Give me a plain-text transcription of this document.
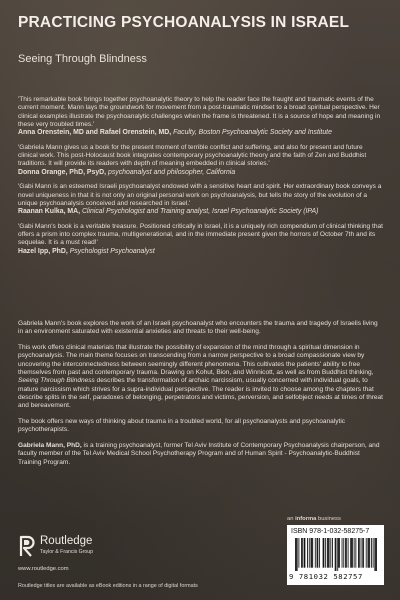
PRACTICING PSYCHOANALYSIS IN ISRAEL
Seeing Through Blindness

'This remarkable book brings together psychoanalytic theory to help the reader face the fraught and traumatic events of the current moment. Mann lays the groundwork for movement from a post-traumatic mindset to a broad spiritual perspective. Her clinical examples illustrate the psychoanalytic challenges when the frame is threatened. It is a source of hope and meaning in these very troubled times.'

Anna Orenstein, MD and Rafael Orenstein, MD, Faculty, Boston Psychoanalytic Society and Institute

'Gabriela Mann gives us a book for the present moment of terrible conflict and suffering, and also for present and future clinical work. This post-Holocaust book integrates contemporary psychoanalytic theory and the faith of Zen and Buddhist traditions. It will provide its readers with depth of meaning embedded in clinical stories.'

Donna Orange, PhD, PsyD, psychoanalyst and philosopher, California

'Gabi Mann is an esteemed Israeli psychoanalyst endowed with a sensitive heart and spirit. Her extraordinary book conveys a novel uniqueness in that it is not only an original personal work on psychoanalysis, but tells the story of the evolution of a unique psychoanalysis conceived and researched in Israel.'

Raanan Kulka, MA, Clinical Psychologist and Training analyst, Israel Psychoanalytic Society (IPA)

'Gabi Mann's book is a veritable treasure. Positioned critically in Israel, it is a uniquely rich compendium of clinical thinking that offers a prism into complex trauma, multigenerational, and in the immediate present given the horrors of October 7th and its sequelae. It is a must read!'

Hazel Ipp, PhD, Psychologist Psychoanalyst

Gabriela Mann's book explores the work of an Israeli psychoanalyst who encounters the trauma and tragedy of Israelis living in an environment saturated with existential anxieties and threats to their well-being.

This work offers clinical materials that illustrate the possibility of expansion of the mind through a spiritual dimension in psychoanalysis. The main theme focuses on transcending from a narrow perspective to a broad compassionate view by uncovering the interconnectedness between seemingly different phenomena. This cultivates the patients' ability to free themselves from past and contemporary trauma. Drawing on Kohut, Bion, and Winnicott, as well as from Buddhist thinking, Seeing Through Blindness describes the transformation of archaic narcissism, usually concerned with individual goals, to mature narcissism which strives for a supra-individual perspective. The reader is invited to choose among the chapters that describe splits in the self, paradoxes of belonging, perpetrators and victims, perversion, and selfobject needs at times of threat and bereavement.

The book offers new ways of thinking about trauma in a troubled world, for all psychoanalysts and psychoanalytic psychotherapists.

Gabriela Mann, PhD, is a training psychoanalyst, former Tel Aviv Institute of Contemporary Psychoanalysis chairperson, and faculty member of the Tel Aviv Medical School Psychotherapy Program and of Human Spirit - Psychoanalytic-Buddhist Training Program.

Routledge
Taylor & Francis Group
www.routledge.com
Routledge titles are available as eBook editions in a range of digital formats
an informa business
ISBN 978-1-032-58275-7
9 781032 582757
